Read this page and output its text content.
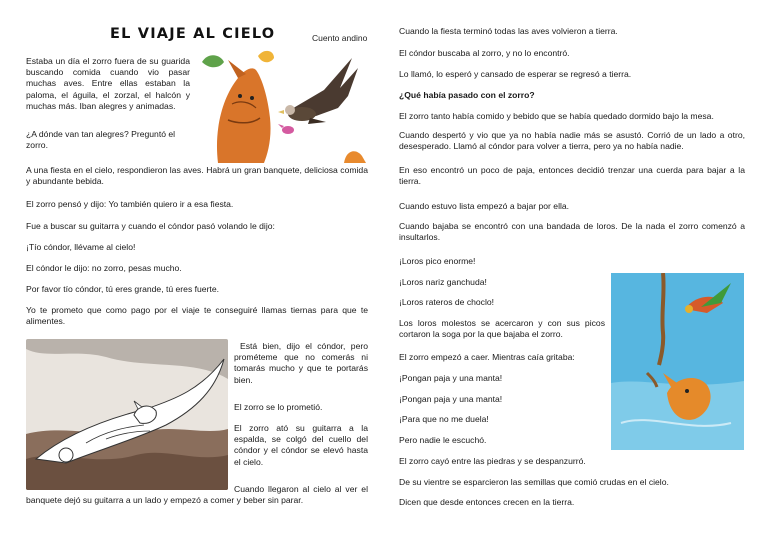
EL VIAJE AL CIELO	Cuento andino

Estaba un día el zorro fuera de su guarida buscando comida cuando vio pasar muchas aves. Entre ellas estaban la paloma, el águila, el zorzal, el halcón y muchas más. Iban alegres y animadas.

¿A dónde van tan alegres? Preguntó el zorro.

A una fiesta en el cielo, respondieron las aves. Habrá un gran banquete, deliciosa comida y abundante bebida.

El zorro pensó y dijo: Yo también quiero ir a esa fiesta.

Fue a buscar su guitarra y cuando el cóndor pasó volando le dijo:

¡Tío cóndor, llévame al cielo!

El cóndor le dijo: no zorro, pesas mucho.

Por favor tío cóndor, tú eres grande, tú eres fuerte.

Yo te prometo que como pago por el viaje te conseguiré llamas tiernas para que te alimentes.

Está bien, dijo el cóndor, pero prométeme que no comerás ni tomarás mucho y que te portarás bien.

El zorro se lo prometió.

El zorro ató su guitarra a la espalda, se colgó del cuello del cóndor y el cóndor se elevó hasta el cielo.

Cuando llegaron al cielo al ver el banquete dejó su guitarra a un lado y empezó a comer y beber sin parar.

Cuando la fiesta terminó todas las aves volvieron a tierra.

El cóndor buscaba al zorro, y no lo encontró.

Lo llamó, lo esperó y cansado de esperar se regresó a tierra.

¿Qué había pasado con el zorro?

El zorro tanto había comido y bebido que se había quedado dormido bajo la mesa.

Cuando despertó y vio que ya no había nadie más se asustó. Corrió de un lado a otro, desesperado. Llamó al cóndor para volver a tierra, pero ya no había nadie.

En eso encontró un poco de paja, entonces decidió trenzar una cuerda para bajar a la tierra.

Cuando estuvo lista empezó a bajar por ella.

Cuando bajaba se encontró con una bandada de loros. De la nada el zorro comenzó a insultarlos.

¡Loros pico enorme!

¡Loros nariz ganchuda!

¡Loros rateros de choclo!

Los loros molestos se acercaron y con sus picos cortaron la soga por la que bajaba el zorro.

El zorro empezó a caer. Mientras caía gritaba:

¡Pongan paja y una manta!

¡Pongan paja y una manta!

¡Para que no me duela!

Pero nadie le escuchó.

El zorro cayó entre las piedras y se despanzurró.

De su vientre se esparcieron las semillas que comió crudas en el cielo.

Dicen que desde entonces crecen en la tierra.
